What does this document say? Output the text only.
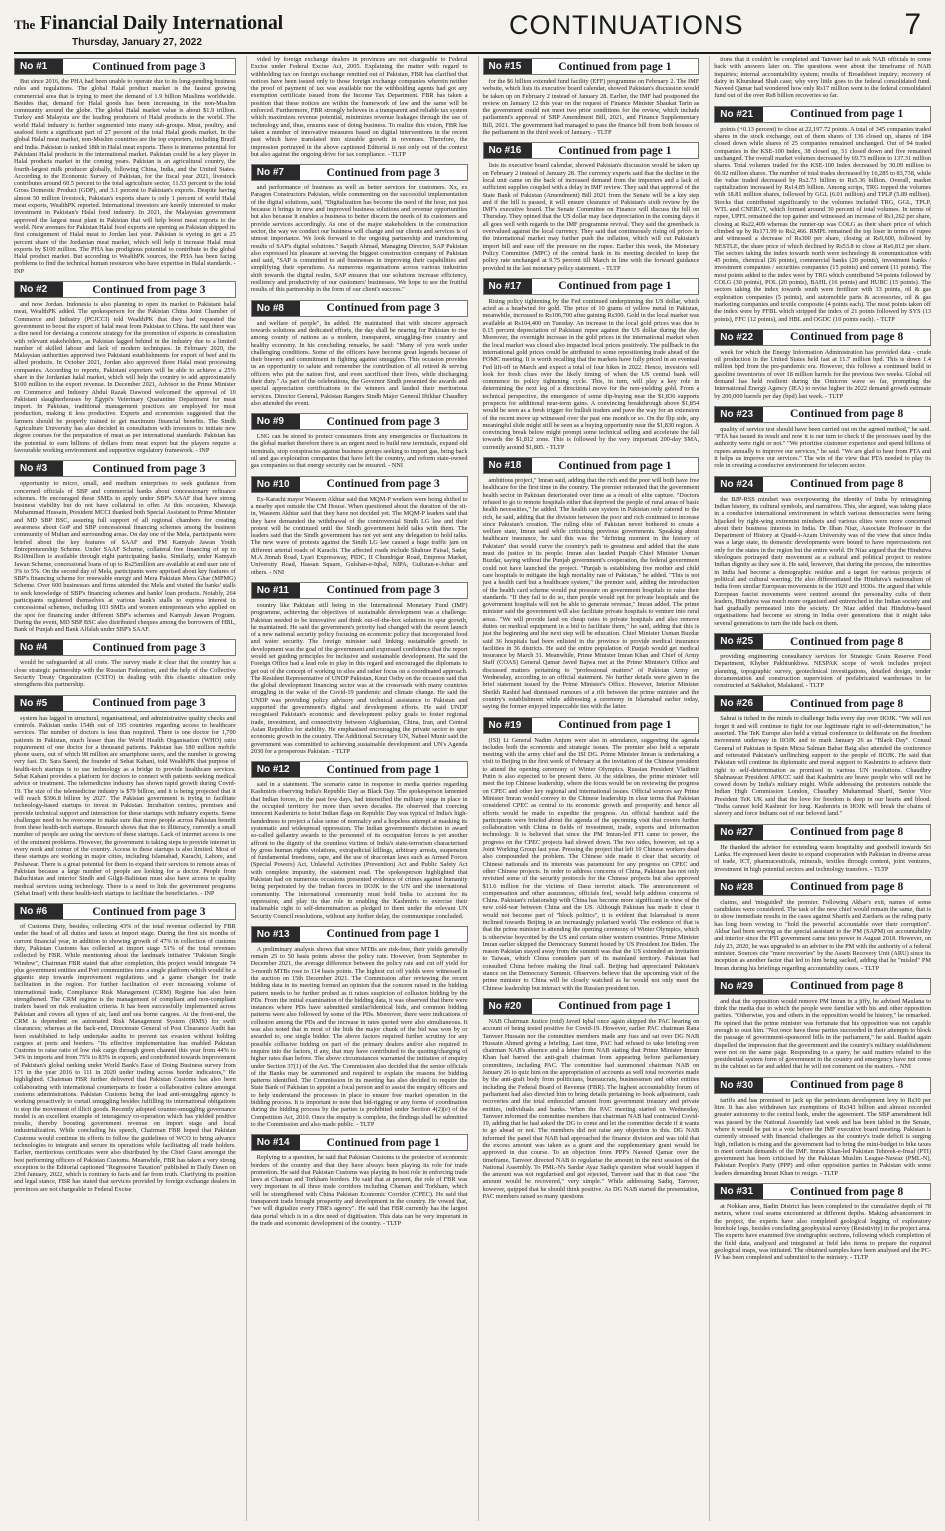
The Financial Daily International
Thursday, January 27, 2022
CONTINUATIONS	7
No #1	Continued from page
3

But since 2016, the PHA had been unable to operate due to its long-pending business rules and regulations. The global Halal product market is the fastest growing commercial area that is trying to meet the demand of 1.9 billion Muslims worldwide. Besides that, demand for Halal goods has been increasing in the non-Muslim community around the globe. The global Halal market value is about $1.9 trillion. Turkey and Malaysia are the leading producers of Halal products in the world. The world Halal industry is further segmented into many sub-groups. Meat, poultry, and seafood form a significant part of 27 percent of the total Halal goods market. In the global Halal meat market, non-Muslim countries are the top exporters, including Brazil and India. Pakistan is ranked 18th in Halal meat exports. There is immense potential for Pakistani Halal products in the international market. Pakistan could be a key player in Halal products market in the coming years. Pakistan is an agricultural country, the fourth-largest milk producer globally, following China, India, and the United States. According to the Economic Survey of Pakistan, for the fiscal year 2021, livestock contributes around 60.5 percent to the total agriculture sector, 11.53 percent to the total Gross Domestic Product (GDP), and 3.1 percent to Pakistan's exports. Despite having almost 50 million livestock, Pakistan's exports share is only 1 percent of world Halal meat exports, WealthPK reported. International investors are keenly interested to make investment in Pakistan's Halal food industry. In 2021, the Malaysian government approved the largest meat plant in Pakistan that will help boost meat exports to the world. New avenues for Pakistan Halal food exports are opening as Pakistan shipped its first consignment of Halal meat to Jordan last year. Pakistan is eyeing to get a 25 percent share of the Jordanian meat market, which will help it increase Halal meat exports by $100 million. The PHA has prodigious potential to contribute to the global Halal product market. But according to WealthPK sources, the PHA has been facing problems to find the technical human resources who have expertise in Halal standards. - INP

No #2	Continued from page
3

and now Jordan. Indonesia is also planning to open its market to Pakistani halal meat, WealthPK added. The spokesperson for the Pakistan China Joint Chamber of Commerce and Industry (PCJCCI) told WealthPK that they had requested the government to boost the export of halal meat from Pakistan to China. He said there was a dire need for devising a concrete strategy for the promotion of exports in consultation with relevant stakeholders, as Pakistan lagged behind in the industry due to a limited number of skilled labour and lack of modern techniques. In February 2020, the Malaysian authorities approved two Pakistani establishments for export of beef and its allied products. In October 2021, Jordan also approved three Halal meat processing companies. According to reports, Pakistani exporters will be able to achieve a 25% share in the Jordanian halal market, which will help the country to add approximately $100 million to the export revenue. In December 2021, Advisor to the Prime Minister on Commerce and Industry Abdul Razak Dawood welcomed the approval of 10 Pakistani slaughterhouses by Egypt's Veterinary Quarantine Department for meat import. In Pakistan, traditional management practices are employed for meat production, making it less productive. Experts and economists suggested that the farmers should be properly trained to get maximum financial benefits. The Sindh Agriculture University has also decided in consultation with investors to initiate new degree courses for the preparation of meat as per international standards. Pakistan has the potential to earn billions of dollars from meat export but the players require a favourable working environment and supportive regulatory framework. - INP

No #3	Continued from page
3

opportunity to micro, small, and medium enterprises to seek guidance from concerned officials of SBP and commercial banks about concessionary refinance schemes. He encouraged these SMEs to apply under SBP's SAAF that have strong business viability but do not have collateral to offer. At this occasion, Khawaja Muhammad Hussain, President MCCI thanked both Special Assistant to Prime Minister and MD SBP BSC, assuring full support of all regional chambers for creating awareness about GoP and SBP concessional financing schemes among the business community of Multan and surrounding areas. On day one of the Mela, participants were briefed about the key features of SAAF and PM Kamyab Jawan Youth Entrepreneurship Scheme. Under SAAF Scheme, collateral free financing of up to Rs10million is available through eight participating banks. Similarly, under Kamyab Jawan Scheme, concessional loans of up to Rs25million are available at end user rate of 3% to 5%. On the second day of Mela, participants were apprised about key features of SBP's financing scheme for renewable energy and Mera Pakistan Mera Ghar (MPMG) Scheme. Over 600 businesses and firms attended the Mela and visited the banks' stalls to seek knowledge of SBP's financing schemes and banks' loan products. Notably, 264 participants registered themselves at various bank's stalls to express interest in concessional schemes, including 103 SMEs and women entrepreneurs who applied on the spot for financing under different SBP's schemes and Kamyab Jawan Program. During the event, MD SBP BSC also distributed cheques among the borrowers of HBL, Bank of Punjab and Bank Alfalah under SBP's SAAF.

No #4	Continued from page
3

would be safeguarded at all costs. The survey made it clear that the country has a close strategic partnership with the Russian Federation, and the help of the Collective Security Treaty Organization (CSTO) in dealing with this chaotic situation only strengthens this partnership.

No #5	Continued from page
3

system has lagged in structural, organisational, and administrative quality checks and controls. Pakistan ranks 154th out of 195 countries regarding access to healthcare services. The number of doctors is less than required. There is one doctor for 1,700 patients in Pakistan, much lesser than the World Health Organisation (WHO) ratio requirement of one doctor for a thousand patients. Pakistan has 180 million mobile phone users, out of which 98 million are smartphone users, and the number is growing very fast. Dr. Sara Saeed, the founder of Sehat Kahani, told WealthPK that purpose of health-tech startups is to use technology as a bridge to provide healthcare services. Sehat Kahani provides a platform for doctors to connect with patients seeking medical advice or treatment. The telemedicine industry has shown rapid growth during Covid-19. The size of the telemedicine industry is $79 billion, and it is being projected that it will reach $396.8 billion by 2027. The Pakistan government is trying to facilitate technology-based startups to invest in Pakistan. Incubation centres, premises and provide technical support and interaction for these startups with industry experts. Some challenges need to be overcome to make sure that more people across Pakistan benefit from these health-tech startups. Research shows that due to illiteracy, currently a small number of people are using the services of these startups. Lack of internet access is one of the eminent problems. However, the government is taking steps to provide internet in every nook and corner of the country. Access to these startups is also limited. Most of these startups are working in major cities, including Islamabad, Karachi, Lahore, and Peshawar. There is a great potential for them to expand their services to remote areas of Pakistan because a large number of people are looking for a doctor. People from Baluchistan and interior Sindh and Gilgit-Baltistan must also have access to quality medical services using technology. There is a need to link the government programs (Sehat Insaf) with these health-tech startups to facilitate the beneficiaries. - INP

No #6	Continued from page
3

of Customs Duty, besides, collecting 43% of the total revenue collected by FBR under the head of all duties and taxes at import stage. During the first six months of current financial year, in addition to showing growth of 47% in collection of customs duty, Pakistan Customs has collected at import stage 51% of the total revenues collected by FBR. While mentioning about the landmark initiative "Pakistan Single Window", Chairman FBR stated that after completion, this project would integrate 74 plus government entities and Port communities into a single platform which would be a gigantic step towards improvement regulations and a game changer for trade facilitation in the region. For further facilitation of ever increasing volume of international trade, Compliance Risk Management (CRM) Regime has also been strengthened. The CRM regime is the management of compliant and non-compliant traders based on risk evaluation criteria. It has been successfully implemented across Pakistan and covers all types of air, land and sea borne cargoes. At the front-end, the CRM is dependent on automated Risk Management System (RMS) for swift clearances; whereas at the back-end, Directorate General of Post Clearance Audit has been established to help undertake audits to prevent tax evasion without holding cargoes at ports and borders. "Its effective implementation has enabled Pakistan Customs to raise ratio of low risk cargo through green channel this year from 44% to 34% in imports and from 75% to 83% in exports, and contributed towards improvement of Pakistan's global ranking under World Bank's Ease of Doing Business survey from 171 in the year 2016 to 111 in 2020 under trading across border indicators," He highlighted. Chairman FBR further delivered that Pakistan Customs has also been collaborating with international counterparts to foster a collaborative culture amongst customs administrations. Pakistan Customs being the lead anti-smuggling agency is working proactively to curtail smuggling besides fulfilling its international obligations to stop the movement of illicit goods. Recently adopted counter-smuggling governance model is an excellent example of interagency co-operation which has yielded positive results, thereby boosting government revenue on import stage and local industrialization. While concluding his speech, Chairman FBR hoped that Pakistan Customs would continue its efforts to follow the guidelines of WCO to bring advance technologies to integrate and secure its operations while facilitating all trade holders. Earlier, meritorious certificates were also distributed by the Chief Guest amongst the best performing officers of Pakistan Customs. Meanwhile, FBR has taken a very strong exception to the Editorial captioned "Regressive Taxation" published in Daily Dawn on 23rd January, 2022, which is contrary to facts and far from truth. Clarifying its position and legal stance, FBR has stated that services provided by foreign exchange dealers in provinces are not chargeable to Federal Excise

vided by foreign exchange dealers in provinces are not chargeable to Federal Excise under Federal Excise Act, 2005. Explaining the matter with regard to withholding tax on foreign exchange remitted out of Pakistan, FBR has clarified that notices have been issued only to those foreign exchange companies wherein neither the proof of payment of tax was available nor the withholding agents had got any exemption certificate issued from the Income Tax Department. FBR has taken a position that these notices are within the framework of law and the same will be enforced. Furthermore, FBR strongly believes in a transparent and reliable tax system which maximizes revenue potential, minimizes revenue leakages through the use of technology and, thus, ensures ease of doing business. To realize this vision, FBR has taken a number of innovative measures based on digital interventions in the recent past which have translated into sizeable growth in revenues. Therefore, the impression portrayed in the above captioned Editorial is not only out of the context but also against the ongoing drive for tax compliance. - TLTP

No #7	Continued from page
3

and performance of business as well as better services for customers. Xx, ex Paragon Constructors Pakistan, while commenting on the successful implementation of the digital solutions, said, "Digitalization has become the need of the hour, not just because it brings in new and improved business solutions and revenue opportunities but also because it enables a business to better discern the needs of its customers and provide services accordingly. As one of the major stakeholders in the construction sector, the way we conduct our business will change and our clients and services is of utmost importance. We look forward to the ongoing partnership and transforming results of SAP's digital solutions." Saquib Ahmad, Managing Director, SAP Pakistan also expressed his pleasure at serving the biggest construction company of Pakistan and said, "SAP is committed to aid businesses in improving their capabilities and simplifying their operations. As numerous organisations across various industries shift towards the digital realm, SAP ensures that our solutions increase efficiency, resiliency and productivity of our customers' businesses. We hope to see the fruitful results of this partnership in the form of our client's success."

No #8	Continued from page
3

and welfare of people", he added. He maintained that with sincere approach towards solutions and dedicated efforts, the day shall be nearing for Pakistan to rise among county of nations as a modern, transparent, struggling-free country and healthy economy. In his concluding remarks, he said: "Many of you work under challenging conditions. Some of the officers have become great legends because of their bravery and commitment in fighting against smugglers. This occasion provides us an opportunity to salute and remember the contribution of all retired & serving officers who put the nation first, and even sacrificed their lives, while discharging their duty." As part of the celebrations, the Governor Sindh presented the awards and special appreciation certifications to the winners and lauded their meritorious services. Director General, Pakistan Rangers Sindh Major General Iftikhar Chaudhry also attended the event.

No #9	Continued from page
3

LNG can be stored to protect consumers from any emergencies or fluctuations in the global market therefore there is an urgent need to build new terminals, expand old terminals, stop conspiracies against business groups seeking to import gas, bring back oil and gas exploration companies that have left the country, and reform state-owned gas companies so that energy security can be ensured. - NNI

No #10	Continued from page
3

Ex-Karachi mayor Waseem Akhtar said that MQM-P workers were being shifted to a nearby spot outside the CM House. When questioned about the duration of the sit-in, Waseem Akhtar said that they have not decided yet. The MQM-P leaders said that they have demanded the withdrawal of the controversial Sindh LG law and their protest will be continued until the Sindh government held talks with them. The leaders said that the Sindh government has not yet sent any delegation to hold talks. The new wave of protests against the Sindh LG law caused a huge traffic jam on different arterial roads of Karachi. The affected roads include Shahrae Faisal, Sadar, M.A Jinnah Road, Lyari Expressway, PIDC, II Chundrigar Road, Empress Market, University Road, Hassan Square, Gulshan-e-Iqbal, NIPA, Gulistan-e-Johar and others. - NNI

No #11	Continued from page
3

country like Pakistan still being in the International Monetary Fund (IMF) programme, achieving the objectives of sustainable development was a challenge. Pakistan needed to be innovative and think out-of-the-box solutions to spur growth, he maintained. He said the government's priority had changed with the recent launch of a new national security policy focusing on economic policy that incorporated food and water security. The foreign minister said linking sustainable growth to development was the goal of the government and expressed confidence that the report would set guiding principles for inclusive and sustainable development. He said the Foreign Office had a lead role to play in this regard and encouraged the diplomats to get out of the concept of working in silos and rather focus on a coordinated approach. The Resident Representative of UNDP Pakistan, Knut Ostby on the occasion said that the global development financing sector was at the crossroads with many countries struggling in the wake of the Covid-19 pandemic and climate change. He said the UNDP was providing policy advisory and technical assistance to Pakistan and supported the government's digital and development efforts. He said UNDP recognised Pakistan's economic and development policy goals to foster regional trade, investment, and connectivity between Afghanistan, China, Iran, and Central Asian Republics for stability. He emphasised encouraging the private sector to spur economic growth in the country. The Additional Secretary UN, Nabeel Munir said the government was committed to achieving sustainable development and UN's Agenda 2030 for a prosperous Pakistan. - TLTP

No #12	Continued from page
1

said in a statement. The scenario came in response to media queries regarding Kashmiris observing India's Republic Day as Black Day. The spokesperson lamented that Indian forces, in the past few days, had intensified the military siege in place in the occupied territory for more than seven decades. He observed that coercing innocent Kashmiris to hoist Indian flags on Republic Day was typical of India's high-handedness to project a false sense of normalcy and a hopeless attempt at masking its systematic and widespread oppression. The Indian government's decision to award so-called gallantry awards to the personnel of its occupation forces is yet another affront to the dignity of the countless victims of India's state-terrorism characterised by gross human rights violations, extrajudicial killings, arbitrary arrests, suspension of fundamental freedoms, rape, and the use of draconian laws such as Armed Forces (Special Powers) Act, Unlawful Activities (Prevention) Act and Public Safety Act with complete impunity, the statement read. The spokesperson highlighted that Pakistan had on numerous occasions presented evidence of crimes against humanity being perpetrated by the Indian forces in IIOJK to the UN and the international community. The international community must hold India to account for its oppression, and play its due role in enabling the Kashmiris to exercise their inalienable right to self-determination as pledged to them under the relevant UN Security Council resolutions, without any further delay, the communique concluded.

No #13	Continued from page
1

A preliminary analysis shows that since MTBs are risk-free, their yields generally remain 25 to 50 basis points above the policy rate. However, from September to December 2021, the average difference between the policy rate and cut off yield for 3-month MTBs rose to 114 basis points. The highest cut off yields were witnessed in the auction on 15th December 2021. The Commission after reviewing the recent bidding data in its meeting formed an opinion that the concern raised in the bidding pattern needs to be further probed as it raises suspicion of collusion bidding by the PDs. From the initial examination of the bidding data, it was observed that there were instances where PDs have submitted similar/identical bids, and common bidding patterns were also followed by some of the PDs. Moreover, there were indications of collusion among the PDs and the increase in rates quoted were also simultaneous. It was also noted that in most of the bids the major chunk of the bid was won by or awarded to, one single bidder. The above factors required further scrutiny for any possible collusive bidding on part of the primary dealers and/or also required to enquire into the factors, if any, that may have contributed to the quoting/charging of higher rates than before. The above circumstances warranted the initiation of enquiry under Section 37(1) of the Act. The Commission also decided that the senior officials of the Banks may be summoned and required to explain the reasons for bidding patterns identified. The Commission in its meeting has also decided to require the State Bank of Pakistan to appoint a focal person and to assist the enquiry officers and to help understand the processes in place to ensure free market operation in the bidding process. It is important to note that bid-rigging or any forms of coordination during the bidding process by the parties is prohibited under Section 4(2)(e) of the Competition Act, 2010. Once the enquiry is complete, the findings shall be submitted to the Commission and also made public. - TLTP

No #14	Continued from page
1

Replying to a question, he said that Pakistan Customs is the protector of economic borders of the country and that they have always been playing its role for trade promotion. He said that Pakistan Customs was playing its best role in enforcing trade laws at Chaman and Torkham borders. He said that at present, the role of FBR was very important in all three trade corridors including Chaman and Torkham, which will be strengthened with China Pakistan Economic Corridor (CPEC). He said that transparent trade brought prosperity and development in the country. He vowed that, "we will digitalize every FBR's agency". He said that FBR currently has the largest data portal which is in a dire need of digitisation. This data can be very important in the trade and economic development of the country. - TLTP

No #15	Continued from page
1

for the $6 billion extended fund facility (EFF) programme on February 2. The IMF website, which lists its executive board calendar, showed Pakistan's discussion would be taken up on February 2 instead of January 28. Earlier, the IMF had postponed the review on January 12 this year on the request of Finance Minister Shaukat Tarin as the government could not meet two prior conditions for the review, which include parliament's approval of SBP Amendment Bill, 2021, and Finance Supplementary Bill, 2021. The government had managed to pass the finance bill from both houses of the parliament in the third week of January. - TLTP

No #16	Continued from page
1

lists its executive board calendar, showed Pakistan's discussion would be taken up on February 2 instead of January 28. The currency experts said that the decline in the local unit came on the back of increased demand from the importers and a lack of sufficient supplies coupled with a delay in IMF review. They said that approval of the State Bank of Pakistan (Amendment) Bill 2021 from the Senate will be a key step and if the bill is passed, it will ensure clearance of Pakistan's sixth review by the IMF's executive board. The Senate Committee on Finance will discuss the bill on Thursday. They opined that the US dollar may face depreciation in the coming days if all goes well with regards to the IMF programme revival. They said the greenback is overvalued against the local currency. They said that continuously rising oil prices in the international market may further push the inflation, which will cut Pakistan's import bill and ease off the pressure on the rupee. Earlier this week, the Monetary Policy Committee (MPC) of the central bank in its meeting decided to keep the policy rate unchanged at 9.75 percent till March in line with the forward guidance provided in the last monetary policy statement. - TLTP

No #17	Continued from page
1

Rising policy tightening by the Fed continued underpinning the US dollar, which acted as a headwind for gold. The price of 10 grams of yellow metal in Pakistan, meanwhile, increased to Rs106,700 after gaining Rs300. Gold in the local market was available at Rs104,400 on Tuesday. An increase in the local gold prices was due to 0.15 percent depreciation of Pakistani rupee against the US dollar during the day. Moreover, the overnight increase in the gold prices in the international market when the local market was closed also impacted local prices positively. The pullback in the international gold prices could be attributed to some repositioning trade ahead of the FOMC meeting. It is worth recalling that the markets have fully priced in an eventual Fed lift-off in March and expect a total of four hikes in 2022. Hence, investors will look for fresh clues over the likely timing of when the US central bank will commence its policy tightening cycle. This, in turn, will play a key role in determining the next leg of a directional move for the non-yielding gold. From a technical perspective, the emergence of some dip-buying near the $1,836 supports prospects for additional near-term gains. A convincing breakthrough above $1,854 would be seen as a fresh trigger for bullish traders and pave the way for an extension of the recent move up witnessed over the past one month or so. On the flip side, any meaningful slide might still be seen as a buying opportunity near the $1,830 region. A convincing break below might prompt some technical selling and accelerate the fall towards the $1,812 zone. This is followed by the very important 200-day SMA, currently around $1,805. - TLTP

No #18	Continued from page
1

ambitious project," Imran said, adding that the rich and the poor will both have free healthcare for the first time in the country. The premier reiterated that the government health sector in Pakistan deteriorated over time as a result of elite capture. "Doctors refused to go to remote hospitals either that deprived the people of rural areas of basic health necessities," he added. The health care system in Pakistan only catered to the rich, he said, adding that the division between the poor and rich continued to increase since Pakistan's creation. The ruling elite of Pakistan never bothered to create a welfare state, Imran said while criticising previous governments. Speaking about healthcare insurance, he said this was the "defining moment in the history of Pakistan" that would curve the country's path to greatness and added that the state must do justice to its people. Imran also lauded Punjab Chief Minister Usman Buzdar, saying without the Punjab government's cooperation, the federal government could not have launched the project. "Punjab is establishing five mother and child care hospitals to mitigate the high mortality rate of Pakistan," he added. "This is not just a health card but a healthcare system," the premier said, adding the introduction of the health card scheme would put pressure on government hospitals to raise their standards. "If they fail to do so, then people would opt for private hospitals and the government hospitals will not be able to generate revenue," Imran added. The prime minister said the government will also facilitate private hospitals to venture into rural areas. "We will provide land on cheap rates to private hospitals and also remove duties on medical equipment in a bid to facilitate them," he said, adding that this is just the beginning and the next step will be education. Chief Minister Usman Buzdar said 36 hospitals had been enlisted in the province to provide medical insurance facilities in 36 districts. He said the entire population of Punjab would get medical insurance by March 31. Meanwhile, Prime Minister Imran Khan and Chief of Army Staff (COAS) General Qamar Javed Bajwa met at the Prime Minister's Office and discussed matters pertaining to "professional matters" of Pakistan Army on Wednesday, according to an official statement. No further details were given in the brief statement issued by the Prime Minister's Office. However, Interior Minister Sheikh Rashid had dismissed rumours of a rift between the prime minister and the country's establishment while addressing a ceremony in Islamabad earlier today, saying the former enjoyed impeccable ties with the latter.

No #19	Continued from page
1

(ISI) Lt General Nadim Anjum were also in attendance, suggesting the agenda includes both the economic and strategic issues. The premier also held a separate meeting with the army chief and the ISI DG. Prime Minister Imran is undertaking a visit to Beijing in the first week of February at the invitation of the Chinese president to attend the opening ceremony of Winter Olympics. Russian President Vladimir Putin is also expected to be present there. At the sidelines, the prime minister will meet the top Chinese leadership, where the focus would be on reviewing the progress on CPEC and other key regional and international issues. Official sources say Prime Minister Imran would convey to the Chinese leadership in clear terms that Pakistan considered CPEC as central to its economic growth and prosperity and hence all efforts would be made to expedite the progress. An official handout said the participants were briefed about the agenda of the upcoming visit that covers further collaboration with China in fields of investment, trade, exports and information technology. It is believed that since the PM Imran-led PTI came to power, the progress on the CPEC projects had slowed down. The two sides, however, set up a Joint Working Group last year. Pressing the project that left 10 Chinese workers dead also compounded the problem. The Chinese side made it clear that security of Chinese nationals and its interests was paramount for any progress on CPEC and other Chinese projects. In order to address concerns of China, Pakistan has not only revisited some of the security protocols for the Chinese projects but also approved $11.6 million for the victims of Dasu terrorist attack. The announcement of compensation and other assurances, officials feel, would help address concerns of China. Pakistan's relationship with China has become more significant in view of the new cold-war between China and the US. Although Pakistan has made it clear it would not become part of "block politics", it is evident that Islamabad is more inclined towards Beijing in an increasingly polarised world. The evidence of that is that the prime minister is attending the opening ceremony of Winter Olympics, which is otherwise boycotted by the US and certain other western countries. Prime Minister Imran earlier skipped the Democracy Summit hosted by US President Joe Biden. The reason Pakistan stayed away from the summit was that the US extended an invitation to Taiwan, which China considers part of its mainland territory. Pakistan had consulted China before making the final call. Beijing had appreciated Pakistan's stance on the Democracy Summit. Observers believe that the upcoming visit of the prime minister to China will be closely watched as he would not only meet the Chinese leadership but interact with the Russian president too.

No #20	Continued from page
1

NAB Chairman Justice (retd) Javed Iqbal once again skipped the PAC hearing on account of being tested positive for Covid-19. However, earlier PAC chairman Rana Tanveer Hussain nor the committee members made any fuss and sat over DG NAB Hussain Ahmed giving a briefing. Last time, PAC had refused to take briefing over chairman NAB's absence and a letter from NAB stating that Prime Minister Imran Khan had barred the anti-graft chairman from appearing before parliamentary committees, including PAC. The committee had summoned chairman NAB on January 26 to quiz him on the appropriation of accounts as well total recoveries made by the anti-graft body from politicians, bureaucrats, businessmen and other entities including the Federal Board of Revenue (FBR). The highest accountability forum of parliament had also directed him to bring details pertaining to book adjustment, cash recoveries and the total embezzled amount from government treasury and private entities, individuals and banks. When the PAC meeting started on Wednesday, Tanveer informed the committee members that chairman NAB had contracted Covid-19, adding that he had asked the DG to come and let the committee decide if it wants to go ahead or not. The members did not raise any objection to this. DG NAB informed the panel that NAB had approached the finance division and was told that the excess amount was taken as a grant and the supplementary grant would be approved in due course. To an objection from PPP's Naveed Qamar over the timeframe, Tanveer directed NAB to regularise the amount in the next session of the National Assembly. To PML-N's Sardar Ayaz Sadiq's question what would happen if the amount was not regularised and got rejected, Tanveer said that in that case "the amount would be recovered," very simple." While addressing Sadiq, Tanveer, however, quipped that he should think positive. As DG NAB started the presentation, PAC members raised so many questions

tions that it couldn't be completed and Tanveer had to ask NAB officials to come back with answers later on. The questions were about the timeframe of NAB inquiries; internal accountability system; results of Broadsheet inquiry; recovery of dairy in Khurshead Shah case; why very little goes to the federal consolidated fund. Naveed Qamar had wondered how only Rs17 million went to the federal consolidated fund out of the over Rs8 billion recoveries so far.

No #21	Continued from page
1

points (+0.13 percent) to close at 22,197.72 points. A total of 345 companies traded shares in the stock exchange, out of them shares of 136 closed up, shares of 184 closed down while shares of 25 companies remained unchanged. Out of 94 traded companies in the KSE-100 Index, 38 closed up, 51 closed down and five remained unchanged. The overall market volumes decreased by 69.73 million to 137.31 million shares. Total volumes traded for the KSE-100 Index decreased by 30.09 million to 66.92 million shares. The number of total trades decreased by 16,285 to 83,738, while the value traded decreased by Rs2.73 billion to Rs5.36 billion. Overall, market capitalization increased by Rs14.85 billion. Among scrips, TRG topped the volumes with 18.81 million shares, followed by GGL (6.01 million) and TPLP (5.89 million). Stocks that contributed significantly to the volumes included TRG, GGL, TPLP, WTL and CNERGY, which formed around 30 percent of total volumes. In terms of rupee, UPFL remained the top gainer and witnessed an increase of Rs1,262 per share, closing at Rs22,409 whereas the runner-up was COLG as their share price of which climbed up by Rs171.99 to Rs2,466. RMPL remained the top loser in terms of rupee and witnessed a decrease of Rs300 per share, closing at Rs9,600, followed by NESTLE, the share price of which declined by Rs53.8 to close at Rs6,812 per share. The sectors taking the index towards north were technology & communication with 45 points, chemical (26 points), commercial banks (20 points), investment banks / investment companies / securities companies (15 points) and cement (11 points). The most points added to the index were by TRG which contributed 54 points followed by COLG (30 points), POL (20 points), BAHL (16 points) and HUBC (15 points). The sectors taking the index towards south were fertilizer with 33 points, oil & gas exploration companies (5 points), and automobile parts & accessories, oil & gas marketing companies and textile composite (4 points each). The most points taken off the index were by FFBL which stripped the index of 21 points followed by SYS (13 points), FFC (12 points), and HBL and OGDC (10 points each). - TLTP

No #22	Continued from page
8

week for which the Energy Information Administration has provided data - crude oil production in the United States held fast at 11.7 million bpd. This is down 1.4 million bpd from the pre-pandemic era. However, this follows a continued build in gasoline inventories of over 18 million barrels for the previous two weeks. Global oil demand has held resilient during the Omicron wave so far, prompting the International Energy Agency (IEA) to revise higher its 2022 demand growth estimate by 200,000 barrels per day (bpd) last week. - TLTP

No #23	Continued from page
8

quality of service test should have been carried out on the agreed method," he said. "PTA has issued its result and now it is our turn to check if the processes used by the authority were right or not." "We prioritise customer experience and spend billions of rupees annually to improve our services," he said. "We are glad to hear from PTA and it helps us improve our services." The win of the view that PTA needed to play its role in creating a conducive environment for telecom sector.

No #24	Continued from page
8

the BJP-RSS mindset was overpowering the identity of India by reimagining Indian history, its cultural symbols, and narratives. This, she argued, was taking place in a conducive international environment in which various democracies were being hijacked by right-wing extremist mindsets and various elites were more concerned about their business interests in India. Dr Ilhan Niaz, Associate Professor in the Department of History at Quaid-i-Azam University was of the view that since India was a large state, its domestic developments were bound to have repercussions not only for the states in the region but the entire world. Dr Niaz argued that the Hindutva ideologues portrayed their movement as a cultural and political project to restore Indian dignity as they saw it. He said, however, that during the process, the minorities in India had become a demographic residue and a target for various projects of political and cultural warring. He also differentiated the Hindutva's nationalism of India from similar European movements in the 1920 and 1930s. He argued that while European fascist movements were centred around the personality cults of their leaders, Hindutva was much more organised and entrenched in the Indian society and had gradually permeated into the society. Dr Niaz added that Hindutva-based organisations had become so strong in India over generations that it might take several generations to turn the tide back on them.

No #25	Continued from page
8

providing engineering consultancy services for Strategic Grain Reserve Food Department, Khyber Pakhtunkhwa. NESPAK scope of work includes project planning, topographic survey, geotechnical investigations, detailed design, tender documentation and construction supervision of prefabricated warehouses to be constructed at Sakhakot, Malakand. - TLTP

No #26	Continued from page
8

Sahrai is itched in the minds to challenge India every day over IIOJK. "We will not forget it and will continue to fight for our legitimate right to self-determination," he asserted. The TeK Europe also held a virtual conference to deliberate on the freedom movement underway in IIOJK and to mark January 26 as "Black Day". Consul General of Pakistan in Spain Mirza Salman Babar Baig also attended the conference and reiterated Pakistan's unflinching support to the people of IIOJK. He said that Pakistan will continue its diplomatic and moral support to Kashmiris to achieve their right to self-determination as promised in various UN resolutions. Chaudhry Shahnawaz President APKCC said that Kashmiris are brave people who will not be cowed down by India's military might. While addressing the protesters outside the Indian High Commission London, Chaudhry Muhammad Sharif, Senior Vice President TeK UK said that the love for freedom is deep in our hearts and blood. "India cannot hold Kashmir for long. Kashmiris in IIOJK will break the chains of slavery and force Indians out of our beloved land."

No #27	Continued from page
8

He thanked the advisor for extending warm hospitality and goodwill towards Sri Lanka. He expressed keen desire to expand cooperation with Pakistan in diverse areas of trade, ICT, pharmaceuticals, minerals, textiles through content, joint ventures, investment in high potential sectors and technology transfers. - TLTP

No #28	Continued from page
8

claims, and 'misguided' the premier. Following Akbar's exit, names of some candidates were considered. The task of the new chief would remain the same, that is to show immediate results in the cases against Sharifs and Zardaris as the ruling party has long been vowing to "hold the powerful accountable over their corruption". Akbar had been serving as the special assistant to the PM (SAPM) on accountability and interior since the PTI government came into power in August 2018. However, on July 23, 2020, he was upgraded to an adviser to the PM with the authority of a federal minister. Sources cite "mere recoveries" by the Assets Recovery Unit (ARU) since its inception as another factor that led to him being sacked, adding that he "misled" PM Imran during his briefings regarding accountability cases. - TLTP

No #29	Continued from page
8

and that the opposition would remove PM Imran in a jiffy, he advised Maulana to think the media due to which the people were familiar with his and other opposition parties. "Otherwise, you and others in the opposition would be history," he remarked. He opined that the prime minister was fortunate that his opposition was not capable enough to oust him. "Not once have these parties succeeded in their attempts to block the passage of government-sponsored bills in the parliament," he said. Rashid again dispelled the impression that the government and the country's military establishment were not on the same page. Responding to a query, he said matters related to the presidential system form of government in the country and emergency have not come in the cabinet so far and added that he will not comment on the matters. - NNI

No #30	Continued from page
8

tariffs and has promised to jack up the petroleum development levy to Rs30 per litre. It has also withdrawn tax exemptions of Rs343 billion and almost recorded greater autonomy to the central bank, under the agreement. The SBP amendment bill was passed by the National Assembly last week and has been tabled in the Senate, where it would be put to a vote before the IMF executive board meeting. Pakistan is currently stressed with financial challenges as the country's trade deficit is surging high, inflation is rising and the government had to bring the mini-budget to bike taxes to meet certain demands of the IMF. Imran Khan-led Pakistan Tehreek-e-Insaf (PTI) government has been criticised by the Pakistan Muslim League-Nawaz (PML-N), Pakistan People's Party (PPP) and other opposition parties in Pakistan with some leaders demanding Imran Khan to resign. - TLTP

No #31	Continued from page
8

at Nokkan area, Badin District has been completed to the cumulative depth of 78 meters, where coal seams encountered at different depths. Making advancement in the project, the experts have also completed geological logging of exploratory borehole logs, besides concluding geophysical survey (Resistivity) in the project area. The experts have examined five stratigraphic sections, following which completion of the field data, analysed and integrated at field labs items to prepare the required geological maps, was initiated. The obtained samples have been analysed and the PC-IV has been completed and submitted to the ministry. - TLTP
